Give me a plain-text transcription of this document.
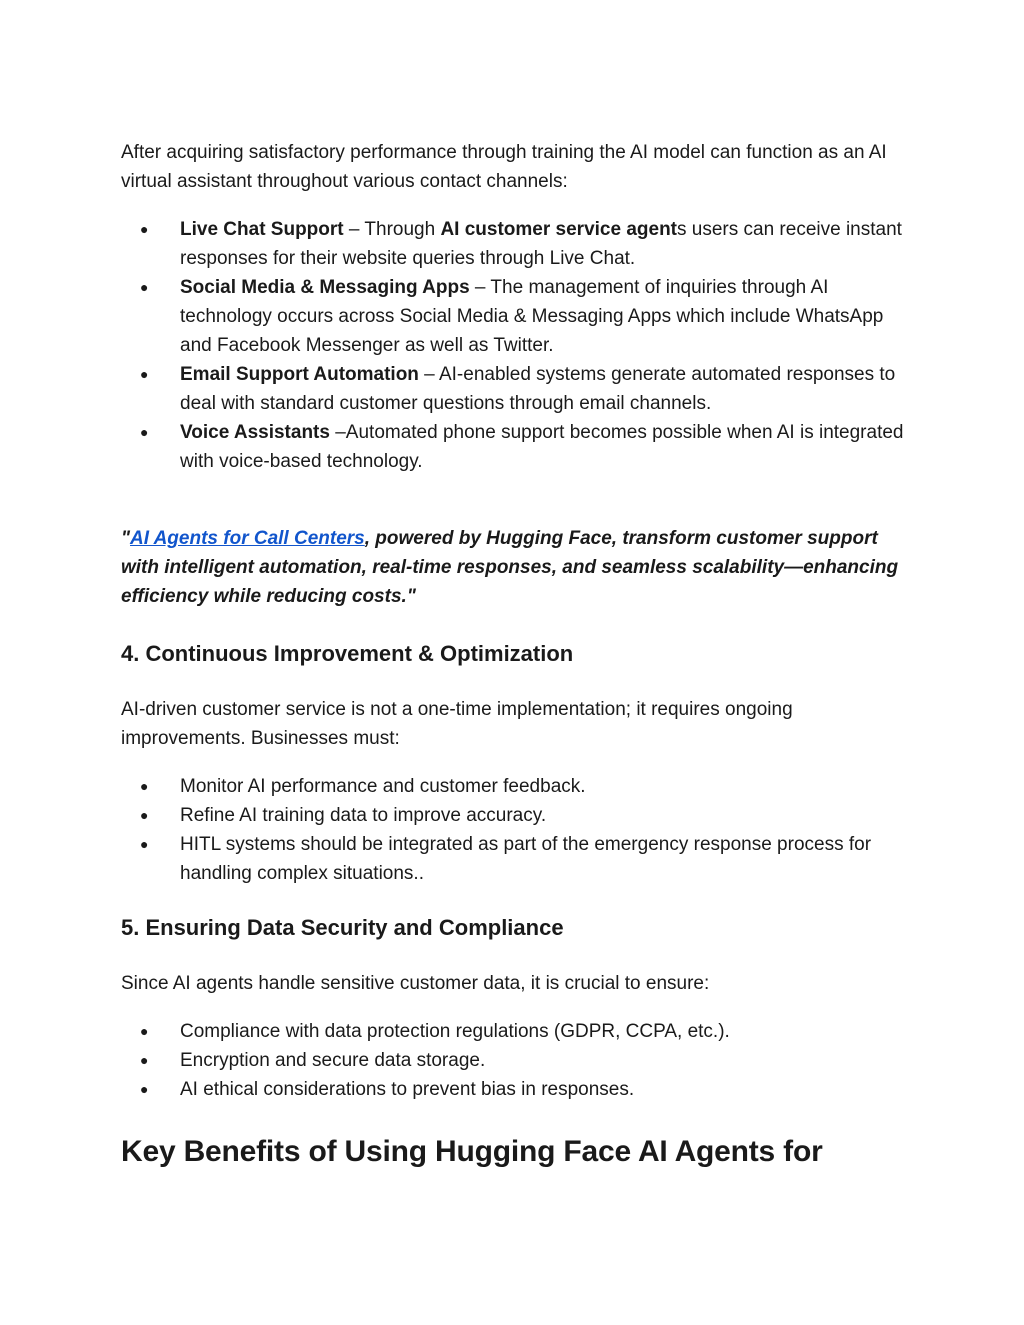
After acquiring satisfactory performance through training the AI model can function as an AI virtual assistant throughout various contact channels:

● Live Chat Support – Through AI customer service agents users can receive instant responses for their website queries through Live Chat.
● Social Media & Messaging Apps – The management of inquiries through AI technology occurs across Social Media & Messaging Apps which include WhatsApp and Facebook Messenger as well as Twitter.
● Email Support Automation – AI-enabled systems generate automated responses to deal with standard customer questions through email channels.
● Voice Assistants –Automated phone support becomes possible when AI is integrated with voice-based technology.

"AI Agents for Call Centers, powered by Hugging Face, transform customer support with intelligent automation, real-time responses, and seamless scalability—enhancing efficiency while reducing costs."

4. Continuous Improvement & Optimization

AI-driven customer service is not a one-time implementation; it requires ongoing improvements. Businesses must:

● Monitor AI performance and customer feedback.
● Refine AI training data to improve accuracy.
● HITL systems should be integrated as part of the emergency response process for handling complex situations..
5. Ensuring Data Security and Compliance

Since AI agents handle sensitive customer data, it is crucial to ensure:

● Compliance with data protection regulations (GDPR, CCPA, etc.).
● Encryption and secure data storage.
● AI ethical considerations to prevent bias in responses.
Key Benefits of Using Hugging Face AI Agents for
